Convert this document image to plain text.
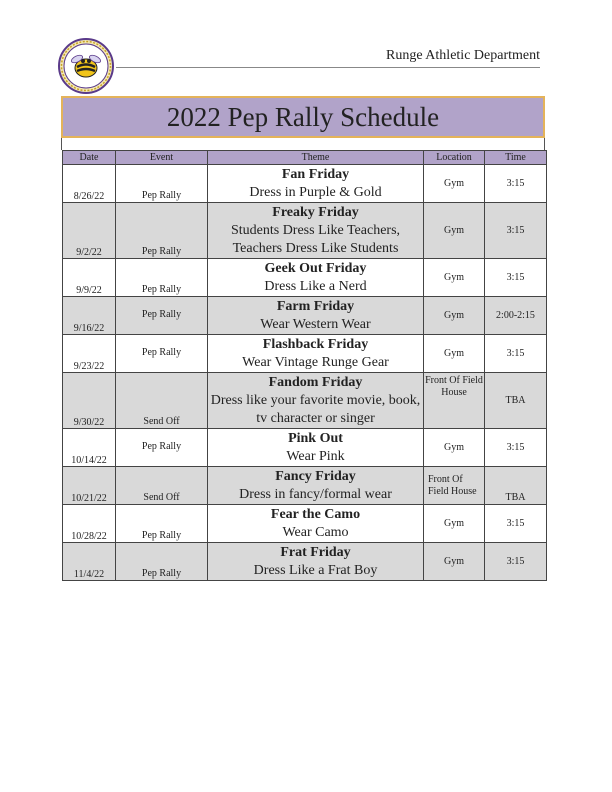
Runge Athletic Department
2022 Pep Rally Schedule
Date	Event	Theme	Location	Time
8/26/22	Pep Rally	Fan Friday
Dress in Purple & Gold	Gym	3:15
9/2/22	Pep Rally	Freaky Friday
Students Dress Like Teachers, Teachers Dress Like Students	Gym	3:15
9/9/22	Pep Rally	Geek Out Friday
Dress Like a Nerd	Gym	3:15
9/16/22	Pep Rally	Farm Friday
Wear Western Wear	Gym	2:00-2:15
9/23/22	Pep Rally	Flashback Friday
Wear Vintage Runge Gear	Gym	3:15
9/30/22	Send Off	Fandom Friday
Dress like your favorite movie, book, tv character or singer	Front Of Field House	TBA
10/14/22	Pep Rally	Pink Out
Wear Pink	Gym	3:15
10/21/22	Send Off	Fancy Friday
Dress in fancy/formal wear	Front Of Field House	TBA
10/28/22	Pep Rally	Fear the Camo
Wear Camo	Gym	3:15
11/4/22	Pep Rally	Frat Friday
Dress Like a Frat Boy	Gym	3:15
